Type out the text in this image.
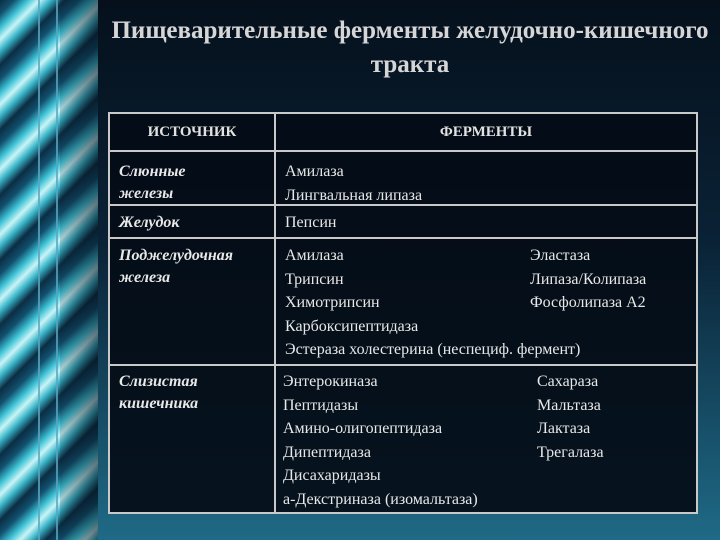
Пищеварительные ферменты желудочно-кишечного тракта
ИСТОЧНИК	ФЕРМЕНТЫ
Слюнные
железы
Амилаза
Лингвальная липаза
Желудок	Пепсин
Поджелудочная
железа
Амилаза
Трипсин
Химотрипсин
Карбоксипептидаза
Эстераза холестерина (неспециф. фермент)
Эластаза
Липаза/Колипаза
Фосфолипаза А2
Слизистая
кишечника
Энтерокиназа
Пептидазы
Амино-олигопептидаза
Дипептидаза
Дисахаридазы
а-Декстриназа (изомальтаза)
Сахараза
Мальтаза
Лактаза
Трегалаза
